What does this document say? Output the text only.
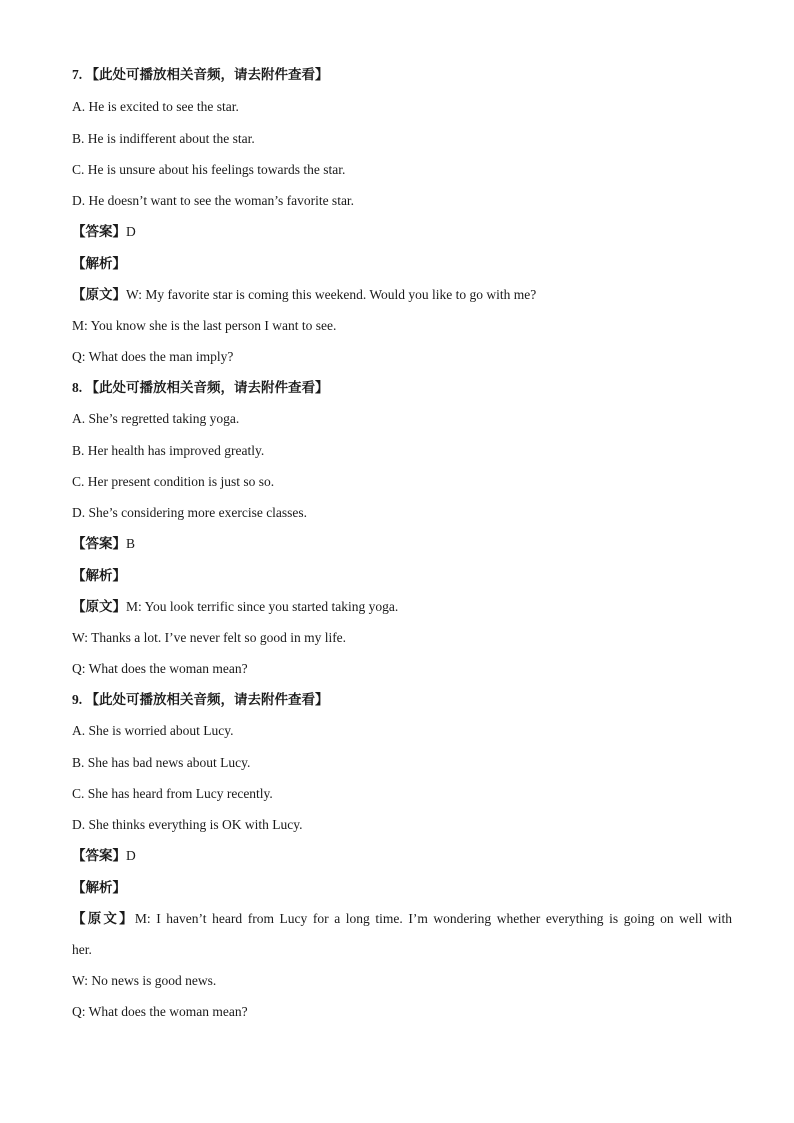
7. 【此处可播放相关音频，请去附件查看】
A. He is excited to see the star.
B. He is indifferent about the star.
C. He is unsure about his feelings towards the star.
D. He doesn’t want to see the woman’s favorite star.
【答案】D
【解析】
【原文】W: My favorite star is coming this weekend. Would you like to go with me?
M: You know she is the last person I want to see.
Q: What does the man imply?
8. 【此处可播放相关音频，请去附件查看】
A. She’s regretted taking yoga.
B. Her health has improved greatly.
C. Her present condition is just so so.
D. She’s considering more exercise classes.
【答案】B
【解析】
【原文】M: You look terrific since you started taking yoga.
W: Thanks a lot. I’ve never felt so good in my life.
Q: What does the woman mean?
9. 【此处可播放相关音频，请去附件查看】
A. She is worried about Lucy.
B. She has bad news about Lucy.
C. She has heard from Lucy recently.
D. She thinks everything is OK with Lucy.
【答案】D
【解析】
【原文】M: I haven’t heard from Lucy for a long time. I’m wondering whether everything is going on well with
her.
W: No news is good news.
Q: What does the woman mean?
